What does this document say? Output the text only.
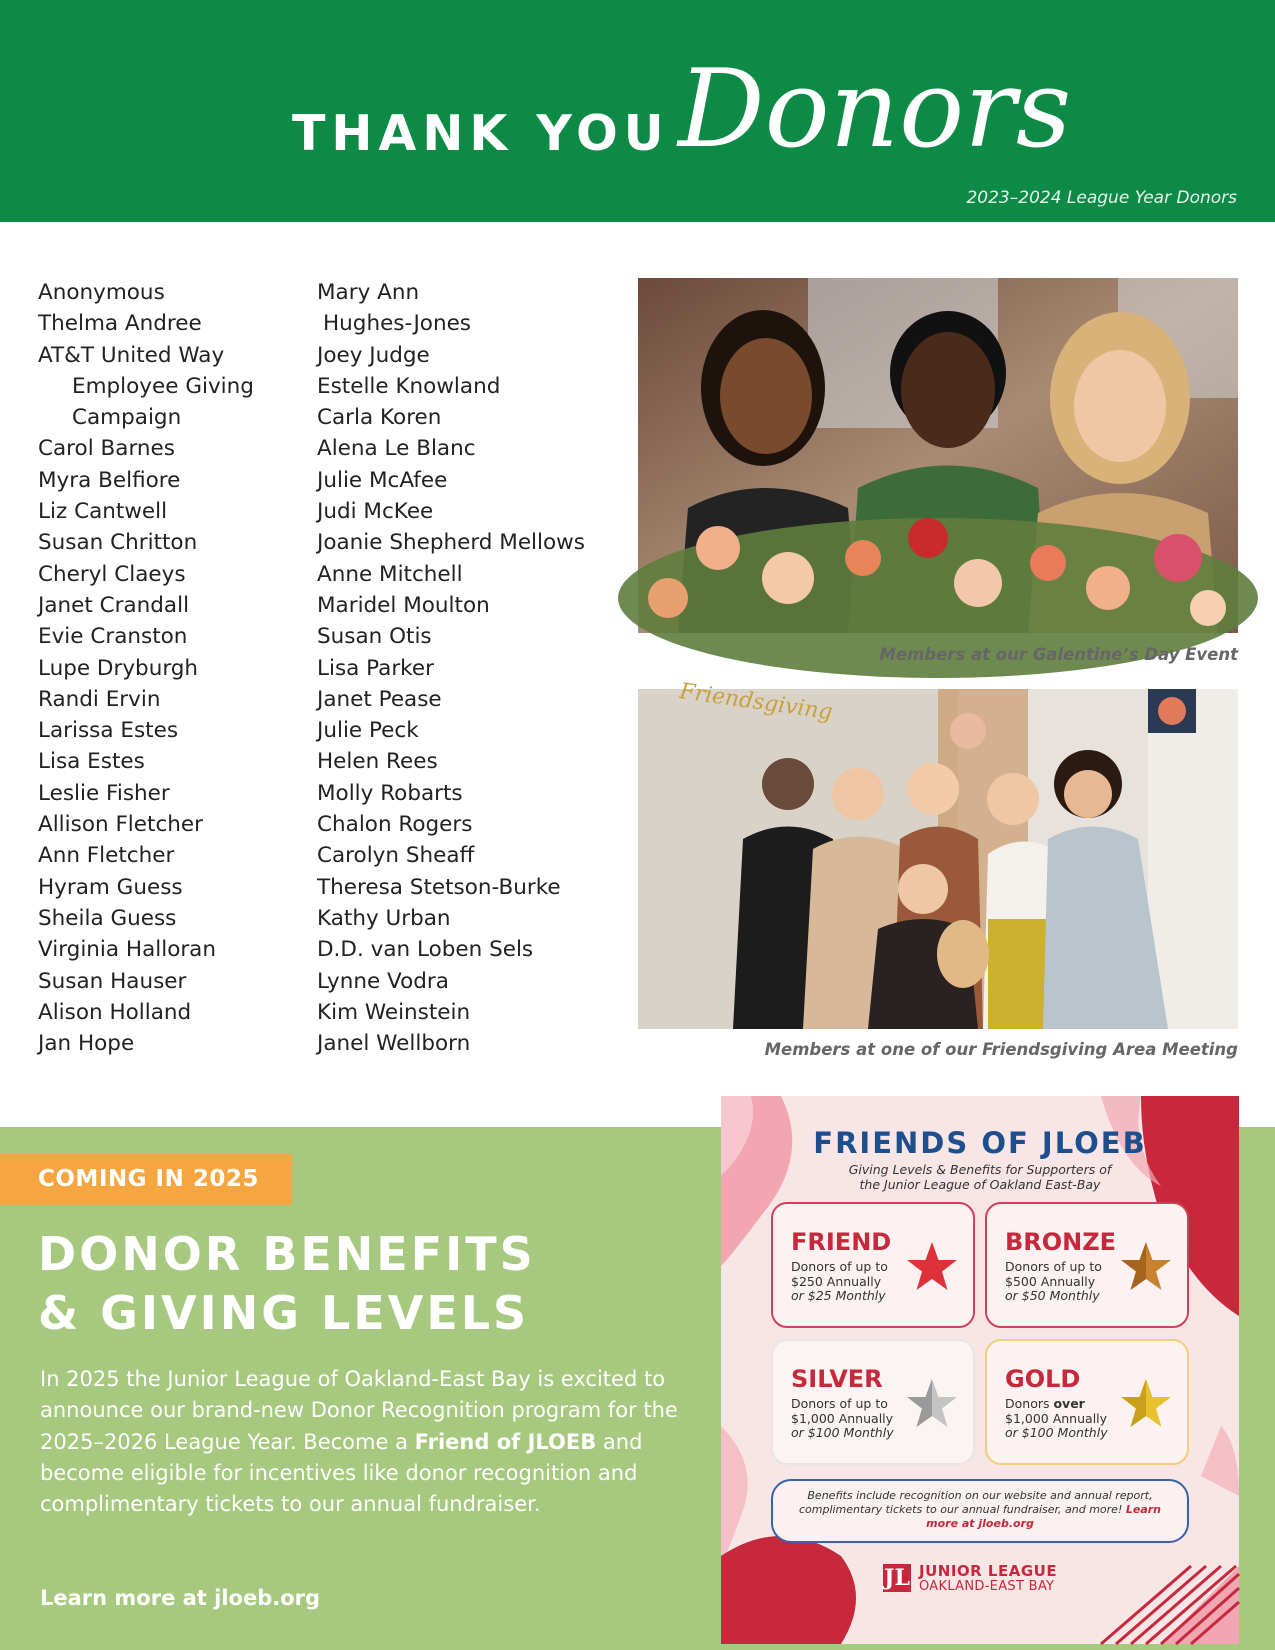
THANK YOU Donors
2023–2024 League Year Donors
Anonymous
Thelma Andree
AT&T United Way
Employee Giving
Campaign
Carol Barnes
Myra Belfiore
Liz Cantwell
Susan Chritton
Cheryl Claeys
Janet Crandall
Evie Cranston
Lupe Dryburgh
Randi Ervin
Larissa Estes
Lisa Estes
Leslie Fisher
Allison Fletcher
Ann Fletcher
Hyram Guess
Sheila Guess
Virginia Halloran
Susan Hauser
Alison Holland
Jan Hope
Mary Ann
Hughes-Jones
Joey Judge
Estelle Knowland
Carla Koren
Alena Le Blanc
Julie McAfee
Judi McKee
Joanie Shepherd Mellows
Anne Mitchell
Maridel Moulton
Susan Otis
Lisa Parker
Janet Pease
Julie Peck
Helen Rees
Molly Robarts
Chalon Rogers
Carolyn Sheaff
Theresa Stetson-Burke
Kathy Urban
D.D. van Loben Sels
Lynne Vodra
Kim Weinstein
Janel Wellborn
Members at our Galentine’s Day Event
Friendsgiving
Members at one of our Friendsgiving Area Meeting
COMING IN 2025
DONOR BENEFITS
& GIVING LEVELS

In 2025 the Junior League of Oakland-East Bay is excited to announce our brand-new Donor Recognition program for the 2025–2026 League Year. Become a Friend of JLOEB and become eligible for incentives like donor recognition and complimentary tickets to our annual fundraiser.

Learn more at jloeb.org
FRIENDS OF JLOEB
Giving Levels & Benefits for Supporters of
the Junior League of Oakland East-Bay
FRIEND
Donors of up to
$250 Annually
or $25 Monthly
BRONZE
Donors of up to
$500 Annually
or $50 Monthly
SILVER
Donors of up to
$1,000 Annually
or $100 Monthly
GOLD
Donors over
$1,000 Annually
or $100 Monthly
Benefits include recognition on our website and annual report, complimentary tickets to our annual fundraiser, and more! Learn more at jloeb.org
JL JUNIOR LEAGUE
OAKLAND-EAST BAY
